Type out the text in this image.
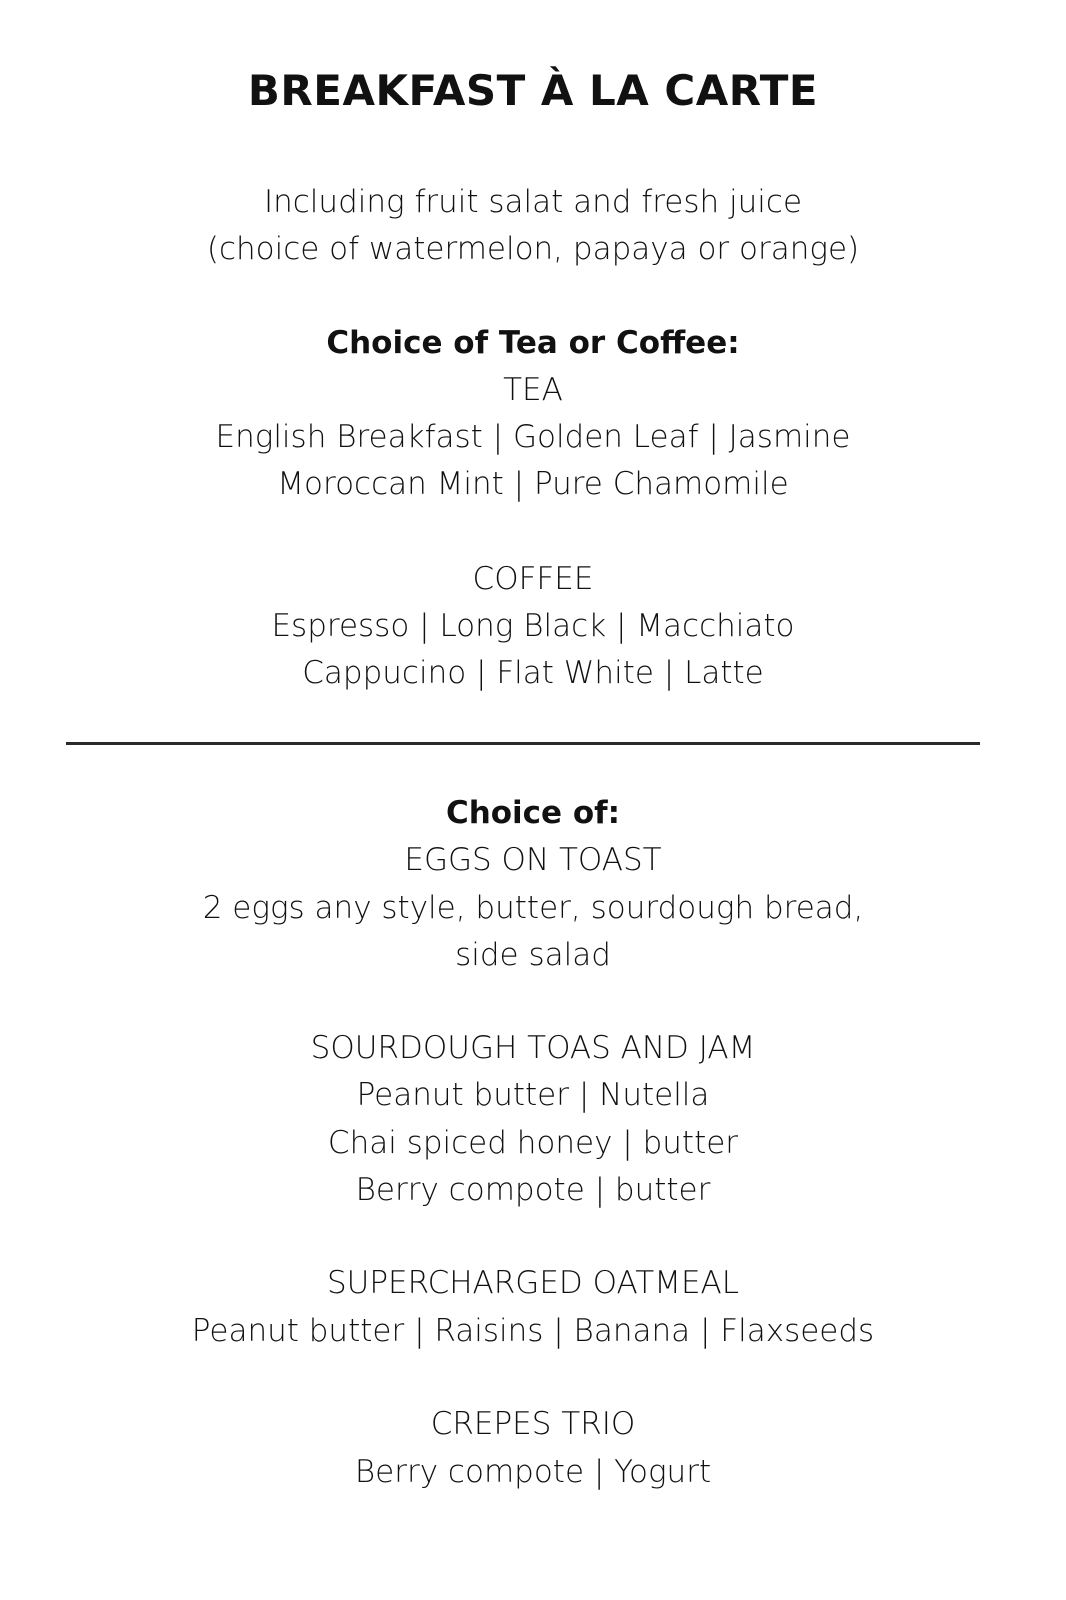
BREAKFAST À LA CARTE
Including fruit salat and fresh juice
(choice of watermelon, papaya or orange)
Choice of Tea or Coffee:
TEA
English Breakfast | Golden Leaf | Jasmine
Moroccan Mint | Pure Chamomile
COFFEE
Espresso | Long Black | Macchiato
Cappucino | Flat White | Latte
Choice of:
EGGS ON TOAST
2 eggs any style, butter, sourdough bread,
side salad
SOURDOUGH TOAS AND JAM
Peanut butter | Nutella
Chai spiced honey | butter
Berry compote | butter
SUPERCHARGED OATMEAL
Peanut butter | Raisins | Banana | Flaxseeds
CREPES TRIO
Berry compote | Yogurt
